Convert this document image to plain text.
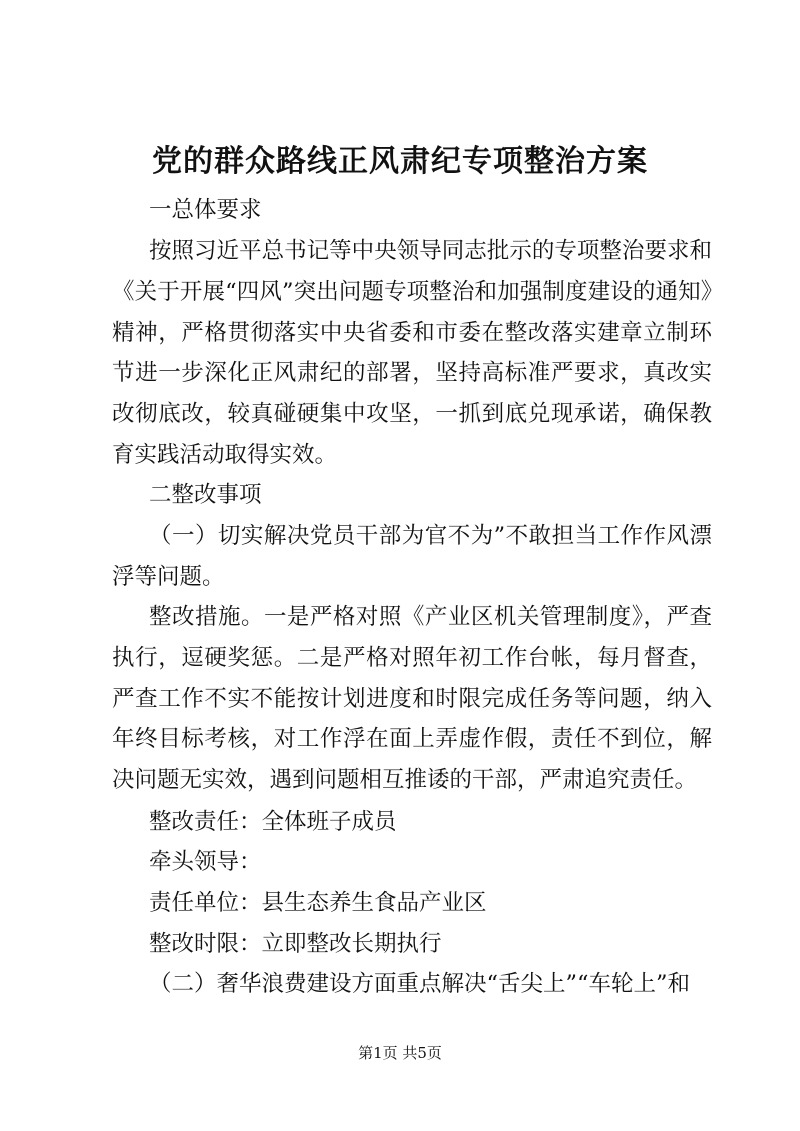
党的群众路线正风肃纪专项整治方案
一总体要求
按照习近平总书记等中央领导同志批示的专项整治要求和《关于开展“四风”突出问题专项整治和加强制度建设的通知》精神，严格贯彻落实中央省委和市委在整改落实建章立制环节进一步深化正风肃纪的部署，坚持高标准严要求，真改实改彻底改，较真碰硬集中攻坚，一抓到底兑现承诺，确保教育实践活动取得实效。
二整改事项
（一）切实解决党员干部为官不为”不敢担当工作作风漂浮等问题。
整改措施。一是严格对照《产业区机关管理制度》，严查执行，逗硬奖惩。二是严格对照年初工作台帐，每月督查，严查工作不实不能按计划进度和时限完成任务等问题，纳入年终目标考核，对工作浮在面上弄虚作假，责任不到位，解决问题无实效，遇到问题相互推诿的干部，严肃追究责任。
整改责任：全体班子成员
牵头领导：
责任单位：县生态养生食品产业区
整改时限：立即整改长期执行
（二）奢华浪费建设方面重点解决“舌尖上”“车轮上”和
第1页 共5页
